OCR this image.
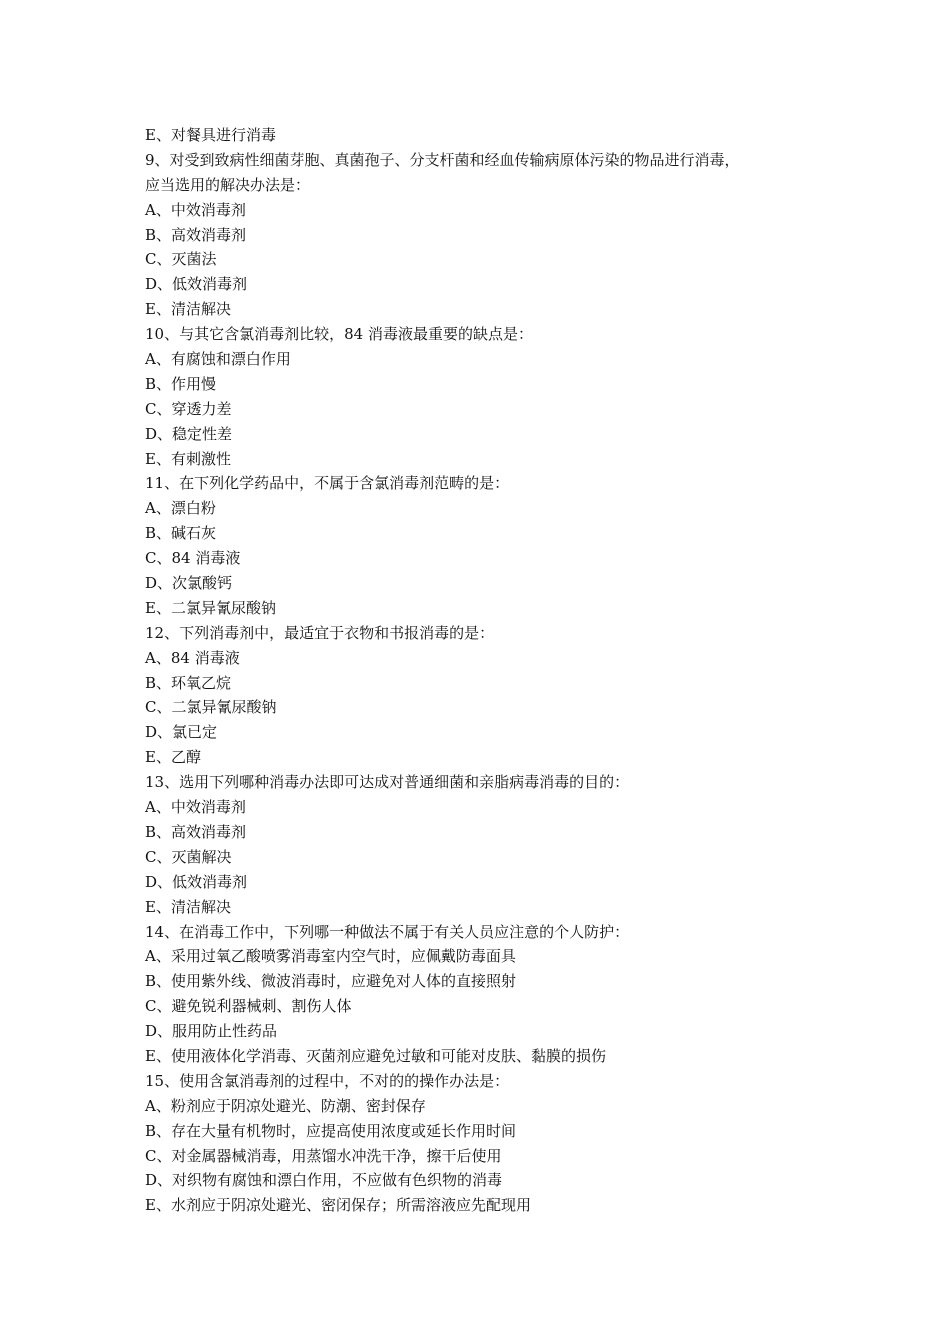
E、对餐具进行消毒
9、对受到致病性细菌芽胞、真菌孢子、分支杆菌和经血传输病原体污染的物品进行消毒，
应当选用的解决办法是：
A、中效消毒剂
B、高效消毒剂
C、灭菌法
D、低效消毒剂
E、清洁解决
10、与其它含氯消毒剂比较，84 消毒液最重要的缺点是：
A、有腐蚀和漂白作用
B、作用慢
C、穿透力差
D、稳定性差
E、有刺激性
11、在下列化学药品中，不属于含氯消毒剂范畴的是：
A、漂白粉
B、碱石灰
C、84 消毒液
D、次氯酸钙
E、二氯异氰尿酸钠
12、下列消毒剂中，最适宜于衣物和书报消毒的是：
A、84 消毒液
B、环氧乙烷
C、二氯异氰尿酸钠
D、氯已定
E、乙醇
13、选用下列哪种消毒办法即可达成对普通细菌和亲脂病毒消毒的目的：
A、中效消毒剂
B、高效消毒剂
C、灭菌解决
D、低效消毒剂
E、清洁解决
14、在消毒工作中，下列哪一种做法不属于有关人员应注意的个人防护：
A、采用过氧乙酸喷雾消毒室内空气时，应佩戴防毒面具
B、使用紫外线、微波消毒时，应避免对人体的直接照射
C、避免锐利器械刺、割伤人体
D、服用防止性药品
E、使用液体化学消毒、灭菌剂应避免过敏和可能对皮肤、黏膜的损伤
15、使用含氯消毒剂的过程中，不对的的操作办法是：
A、粉剂应于阴凉处避光、防潮、密封保存
B、存在大量有机物时，应提高使用浓度或延长作用时间
C、对金属器械消毒，用蒸馏水冲洗干净，擦干后使用
D、对织物有腐蚀和漂白作用，不应做有色织物的消毒
E、水剂应于阴凉处避光、密闭保存；所需溶液应先配现用
